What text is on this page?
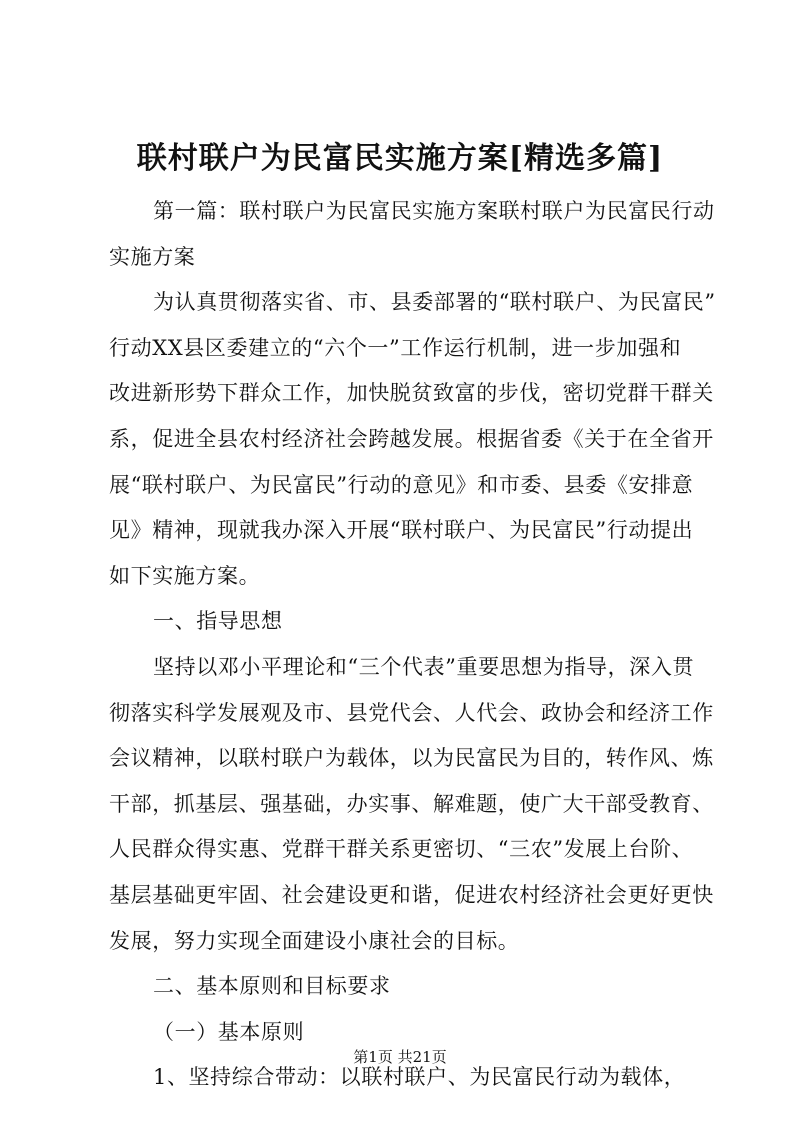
联村联户为民富民实施方案[精选多篇]

第一篇：联村联户为民富民实施方案联村联户为民富民行动

实施方案

为认真贯彻落实省、市、县委部署的“联村联户、为民富民”

行动XX县区委建立的“六个一”工作运行机制，进一步加强和

改进新形势下群众工作，加快脱贫致富的步伐，密切党群干群关

系，促进全县农村经济社会跨越发展。根据省委《关于在全省开

展“联村联户、为民富民”行动的意见》和市委、县委《安排意

见》精神，现就我办深入开展“联村联户、为民富民”行动提出

如下实施方案。

一、指导思想

坚持以邓小平理论和“三个代表”重要思想为指导，深入贯

彻落实科学发展观及市、县党代会、人代会、政协会和经济工作

会议精神，以联村联户为载体，以为民富民为目的，转作风、炼

干部，抓基层、强基础，办实事、解难题，使广大干部受教育、

人民群众得实惠、党群干群关系更密切、“三农”发展上台阶、

基层基础更牢固、社会建设更和谐，促进农村经济社会更好更快

发展，努力实现全面建设小康社会的目标。

二、基本原则和目标要求

（一）基本原则

1、坚持综合带动：以联村联户、为民富民行动为载体，

第1页 共21页
